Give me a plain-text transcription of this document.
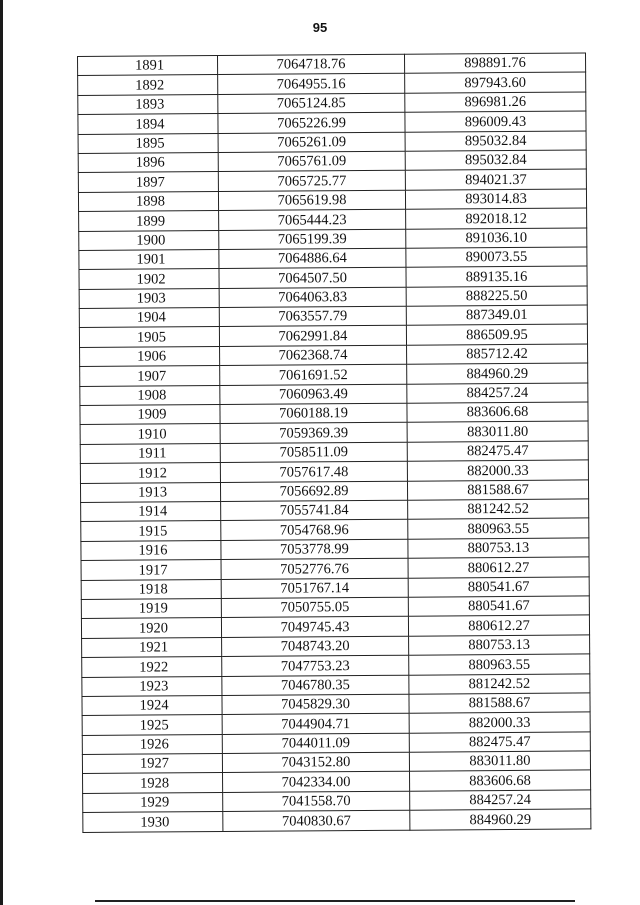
95
1891	7064718.76	898891.76
1892	7064955.16	897943.60
1893	7065124.85	896981.26
1894	7065226.99	896009.43
1895	7065261.09	895032.84
1896	7065761.09	895032.84
1897	7065725.77	894021.37
1898	7065619.98	893014.83
1899	7065444.23	892018.12
1900	7065199.39	891036.10
1901	7064886.64	890073.55
1902	7064507.50	889135.16
1903	7064063.83	888225.50
1904	7063557.79	887349.01
1905	7062991.84	886509.95
1906	7062368.74	885712.42
1907	7061691.52	884960.29
1908	7060963.49	884257.24
1909	7060188.19	883606.68
1910	7059369.39	883011.80
1911	7058511.09	882475.47
1912	7057617.48	882000.33
1913	7056692.89	881588.67
1914	7055741.84	881242.52
1915	7054768.96	880963.55
1916	7053778.99	880753.13
1917	7052776.76	880612.27
1918	7051767.14	880541.67
1919	7050755.05	880541.67
1920	7049745.43	880612.27
1921	7048743.20	880753.13
1922	7047753.23	880963.55
1923	7046780.35	881242.52
1924	7045829.30	881588.67
1925	7044904.71	882000.33
1926	7044011.09	882475.47
1927	7043152.80	883011.80
1928	7042334.00	883606.68
1929	7041558.70	884257.24
1930	7040830.67	884960.29
